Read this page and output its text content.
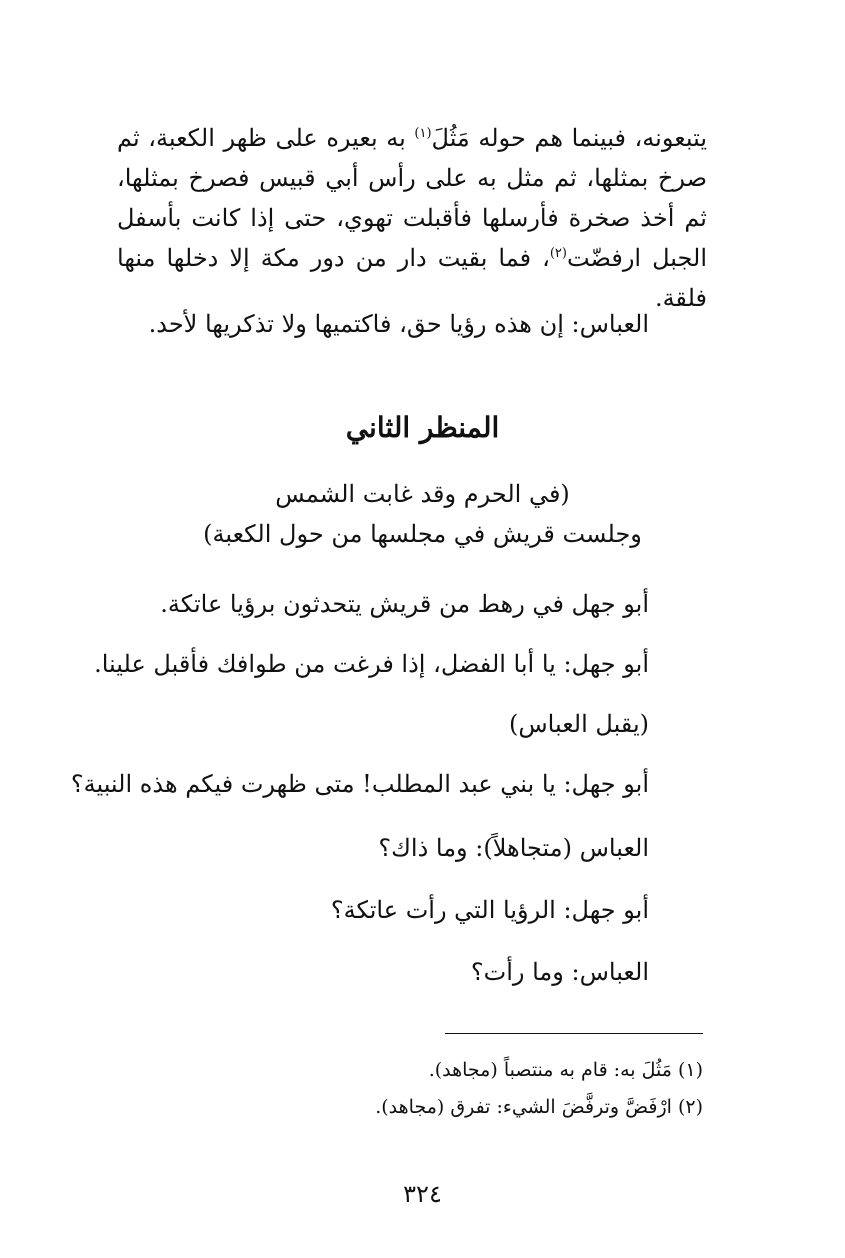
يتبعونه، فبينما هم حوله مَثُلَ$^{(١)}$ به بعيره على ظهر الكعبة، ثم صرخ بمثلها، ثم مثل به على رأس أبي قبيس فصرخ بمثلها، ثم أخذ صخرة فأرسلها فأقبلت تهوي، حتى إذا كانت بأسفل الجبل ارفضّت$^{(٢)}$، فما بقيت دار من دور مكة إلا دخلها منها فلقة.

العباس: إن هذه رؤيا حق، فاكتميها ولا تذكريها لأحد.

المنظر الثاني

(في الحرم وقد غابت الشمس

وجلست قريش في مجلسها من حول الكعبة)

أبو جهل في رهط من قريش يتحدثون برؤيا عاتكة.

أبو جهل: يا أبا الفضل، إذا فرغت من طوافك فأقبل علينا.

(يقبل العباس)

أبو جهل: يا بني عبد المطلب! متى ظهرت فيكم هذه النبية؟

العباس (متجاهلاً): وما ذاك؟

أبو جهل: الرؤيا التي رأت عاتكة؟

العباس: وما رأت؟

(١) مَثُلَ به: قام به منتصباً (مجاهد).

(٢) ارْفَضَّ وترفَّضَ الشيء: تفرق (مجاهد).

٣٢٤
